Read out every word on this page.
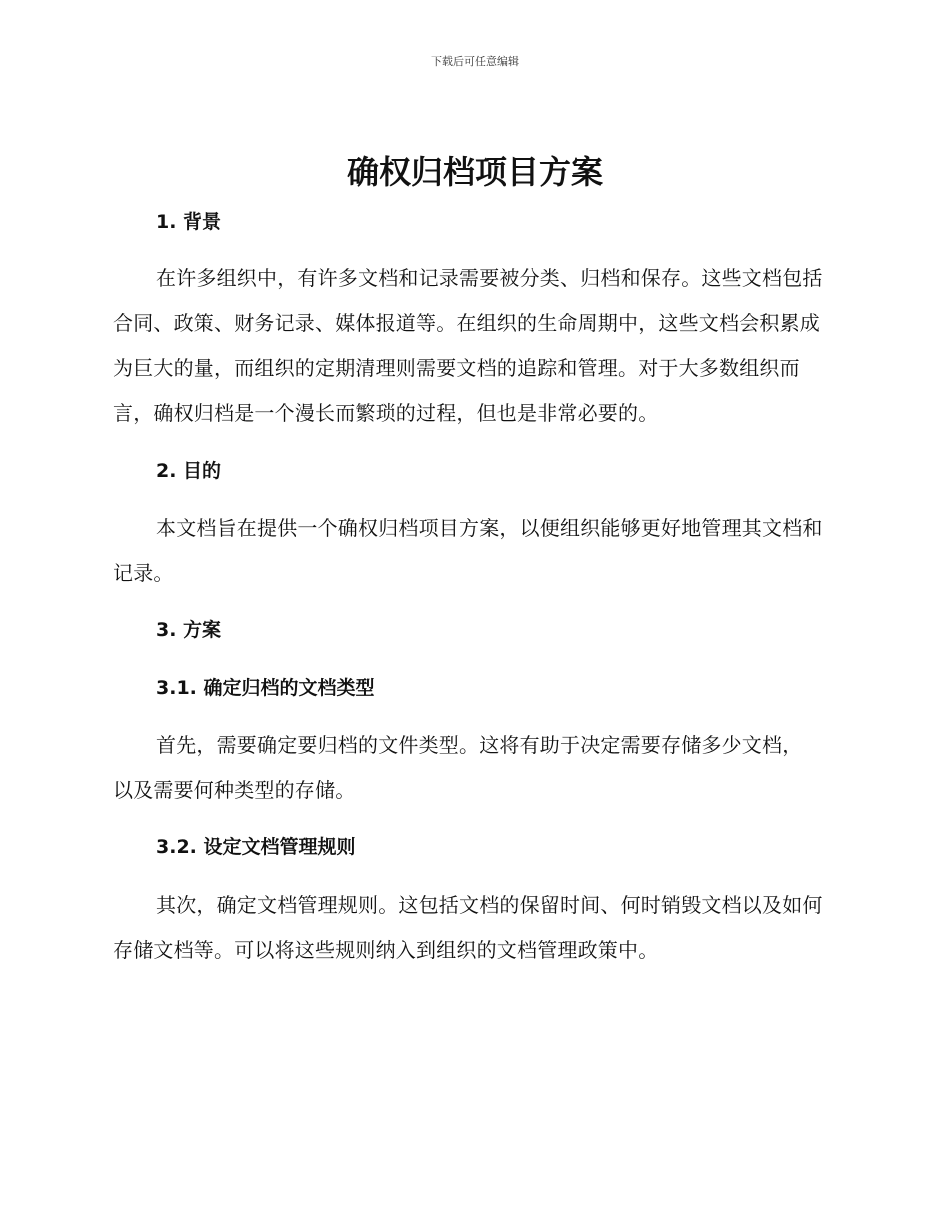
下载后可任意编辑
确权归档项目方案
1. 背景

在许多组织中，有许多文档和记录需要被分类、归档和保存。这些文档包括合同、政策、财务记录、媒体报道等。在组织的生命周期中，这些文档会积累成为巨大的量，而组织的定期清理则需要文档的追踪和管理。对于大多数组织而言，确权归档是一个漫长而繁琐的过程，但也是非常必要的。

2. 目的

本文档旨在提供一个确权归档项目方案，以便组织能够更好地管理其文档和记录。

3. 方案
3.1. 确定归档的文档类型

首先，需要确定要归档的文件类型。这将有助于决定需要存储多少文档，以及需要何种类型的存储。

3.2. 设定文档管理规则

其次，确定文档管理规则。这包括文档的保留时间、何时销毁文档以及如何存储文档等。可以将这些规则纳入到组织的文档管理政策中。
